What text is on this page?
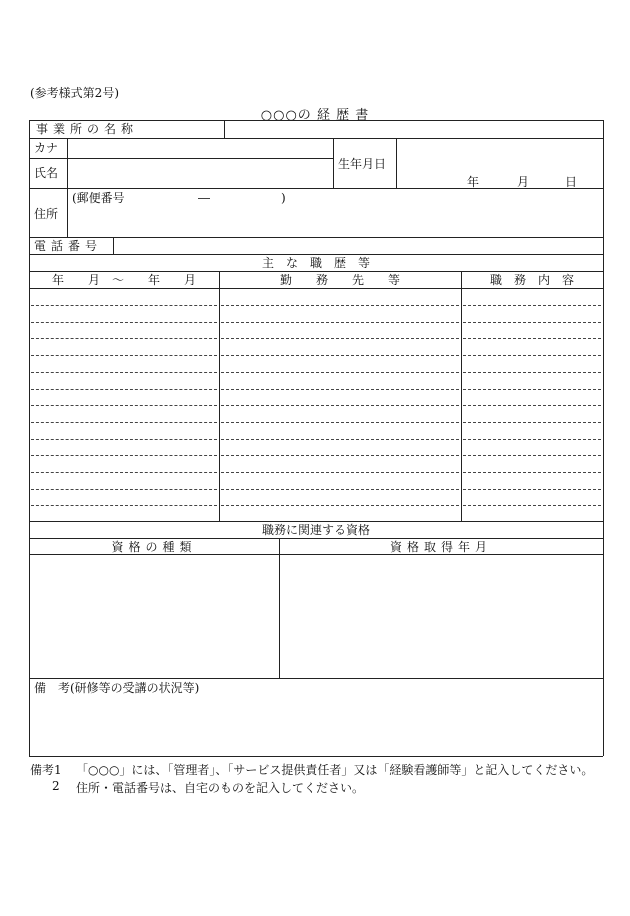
(参考様式第2号)
○○○の 経 歴 書
事業所の名称
カナ
氏名
生年月日
年	月	日
住所
(郵便番号	―	)
電話番号
主　な　職　歴　等
年　　月　～　　年　　月	勤　　務　　先　　等	職　務　内　容
職務に関連する資格
資格の種類	資格取得年月
備　考(研修等の受講の状況等)
備考1 「○○○」には、「管理者」、「サービス提供責任者」又は「経験看護師等」と記入してください。
2 住所・電話番号は、自宅のものを記入してください。
